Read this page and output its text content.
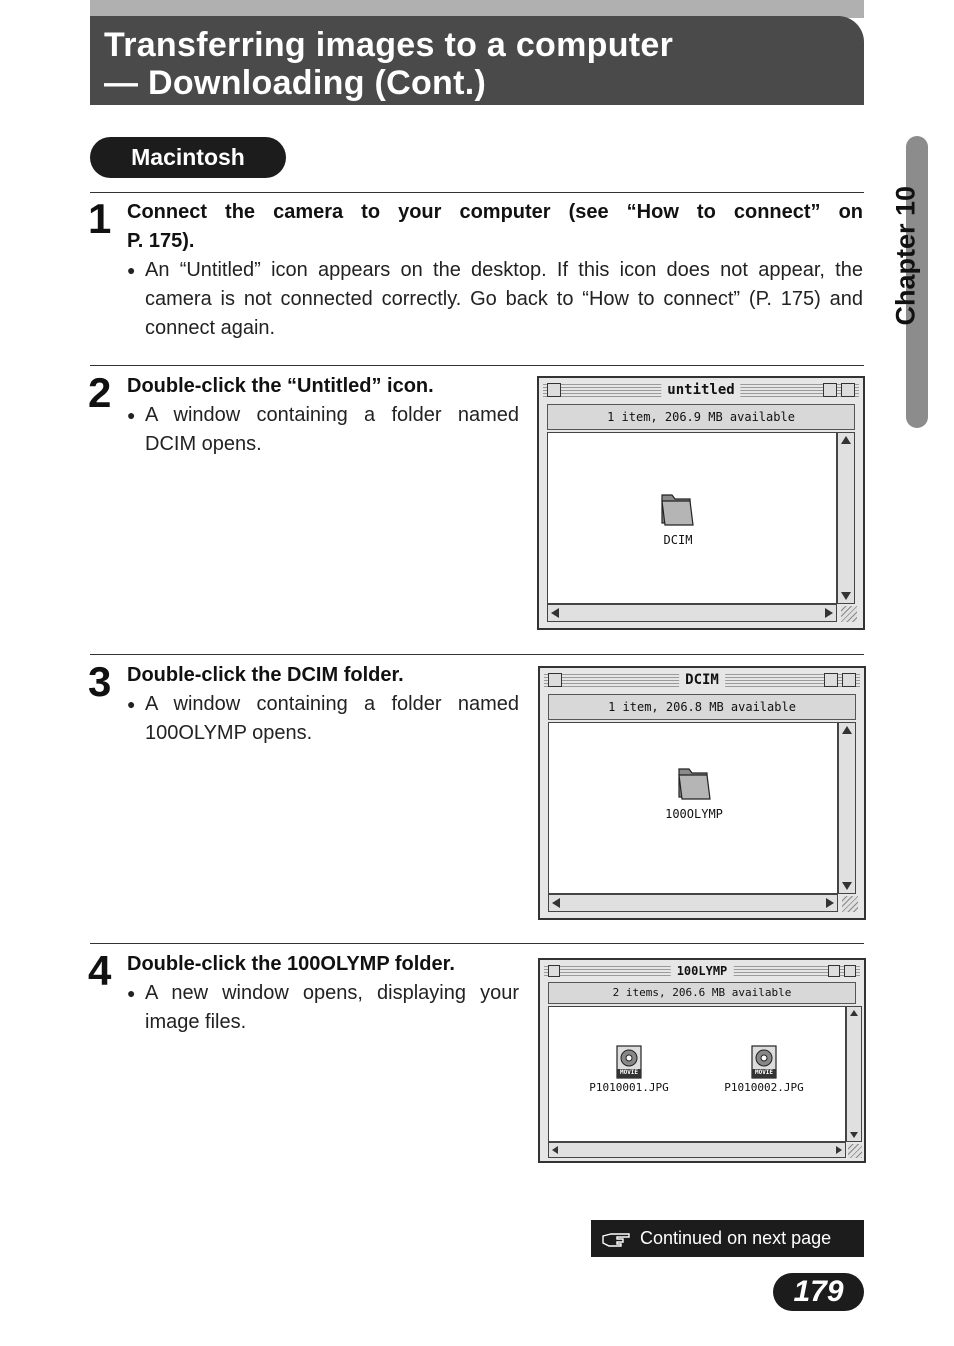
Transferring images to a computer
— Downloading (Cont.)
Macintosh
Chapter 10
1 Connect the camera to your computer (see “How to connect” on
P. 175).
● An “Untitled” icon appears on the desktop. If this icon does not appear, the camera is not connected correctly. Go back to “How to connect” (P. 175) and connect again.
2 Double-click the “Untitled” icon.
● A window containing a folder named DCIM opens.
untitled
1 item, 206.9 MB available
DCIM
3 Double-click the DCIM folder.
● A window containing a folder named 100OLYMP opens.
DCIM
1 item, 206.8 MB available
100OLYMP
4 Double-click the 100OLYMP folder.
● A new window opens, displaying your image files.
100LYMP
2 items, 206.6 MB available
MOVIE
P1010001.JPG
MOVIE
P1010002.JPG
Continued on next page
179
